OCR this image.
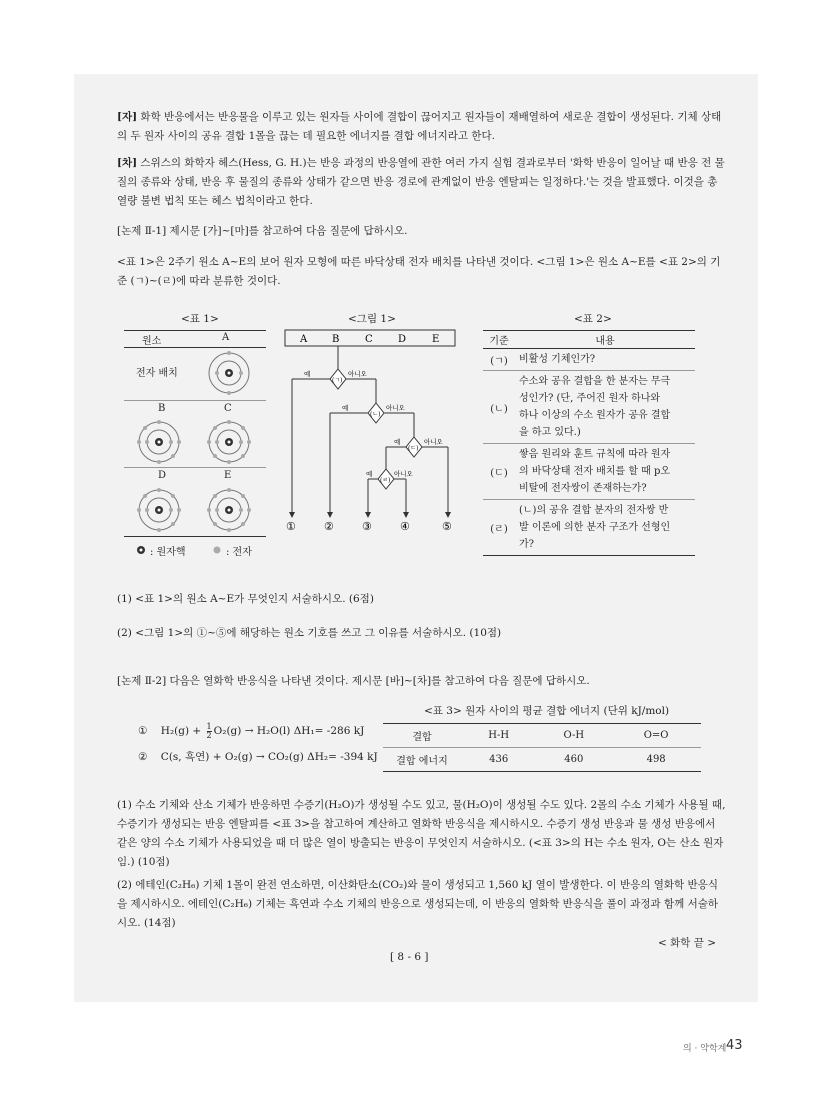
[자] 화학 반응에서는 반응물을 이루고 있는 원자들 사이에 결합이 끊어지고 원자들이 재배열하여 새로운 결합이 생성된다. 기체 상태의 두 원자 사이의 공유 결합 1몰을 끊는 데 필요한 에너지를 결합 에너지라고 한다.
[차] 스위스의 화학자 헤스(Hess, G. H.)는 반응 과정의 반응열에 관한 여러 가지 실험 결과로부터 '화학 반응이 일어날 때 반응 전 물질의 종류와 상태, 반응 후 물질의 종류와 상태가 같으면 반응 경로에 관계없이 반응 엔탈피는 일정하다.'는 것을 발표했다. 이것을 총 열량 불변 법칙 또는 헤스 법칙이라고 한다.
[논제 Ⅱ-1] 제시문 [가]~[마]를 참고하여 다음 질문에 답하시오.
<표 1>은 2주기 원소 A~E의 보어 원자 모형에 따른 바닥상태 전자 배치를 나타낸 것이다. <그림 1>은 원소 A~E를 <표 2>의 기준 (ㄱ)~(ㄹ)에 따라 분류한 것이다.
<표 1>
원소	A
전자 배치
B	C
D	E
: 원자핵	: 전자
<그림 1>
A B	C	D	E
(ㄱ)
(ㄴ)
(ㄷ)
(ㄹ)
예	아니오
예	아니오
예	아니오
예	아니오
①	②	③	④	⑤
<표 2>
기준	내용
(ㄱ)	비활성 기체인가?

(ㄴ)	수소와 공유 결합을 한 분자는 무극
성인가? (단, 주어진 원자 하나와
하나 이상의 수소 원자가 공유 결합
을 하고 있다.)

(ㄷ)	쌓음 원리와 훈트 규칙에 따라 원자
의 바닥상태 전자 배치를 할 때 p오
비탈에 전자쌍이 존재하는가?

(ㄹ)	(ㄴ)의 공유 결합 분자의 전자쌍 반
발 이론에 의한 분자 구조가 선형인
가?
(1) <표 1>의 원소 A~E가 무엇인지 서술하시오. (6점)
(2) <그림 1>의 ①~⑤에 해당하는 원소 기호를 쓰고 그 이유를 서술하시오. (10점)
[논제 Ⅱ-2] 다음은 열화학 반응식을 나타낸 것이다. 제시문 [바]~[차]를 참고하여 다음 질문에 답하시오.
① $H_2(g) + \frac{1}{2} O_2(g) \to H_2O(l)$ ΔH₁= -286 kJ
② C(s, 흑연) + O₂(g) → CO₂(g) ΔH₂= -394 kJ
<표 3> 원자 사이의 평균 결합 에너지 (단위 kJ/mol)
결합	H-H	O-H	O=O
결합 에너지	436	460	498
(1) 수소 기체와 산소 기체가 반응하면 수증기(H₂O)가 생성될 수도 있고, 물(H₂O)이 생성될 수도 있다. 2몰의 수소 기체가 사용될 때, 수증기가 생성되는 반응 엔탈피를 <표 3>을 참고하여 계산하고 열화학 반응식을 제시하시오. 수증기 생성 반응과 물 생성 반응에서 같은 양의 수소 기체가 사용되었을 때 더 많은 열이 방출되는 반응이 무엇인지 서술하시오. (<표 3>의 H는 수소 원자, O는 산소 원자임.) (10점)
(2) 에테인(C₂H₆) 기체 1몰이 완전 연소하면, 이산화탄소(CO₂)와 물이 생성되고 1,560 kJ 열이 발생한다. 이 반응의 열화학 반응식을 제시하시오. 에테인(C₂H₆) 기체는 흑연과 수소 기체의 반응으로 생성되는데, 이 반응의 열화학 반응식을 풀이 과정과 함께 서술하시오. (14점)
< 화학 끝 >
[ 8 - 6 ]
의 · 약학계 43
